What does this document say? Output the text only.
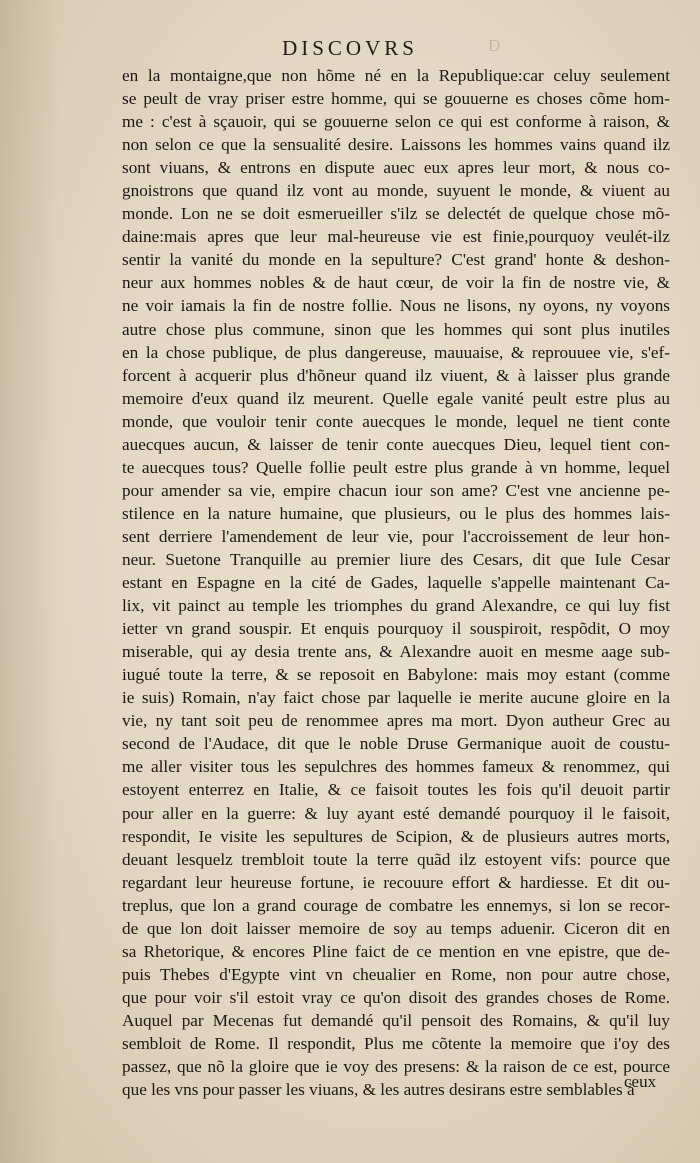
D
DISCOVRS
en la montaigne,que non hõme né en la Republique:car celuy seulement
se peult de vray priser estre homme, qui se gouuerne es choses cõme hom-
me : c'est à sçauoir, qui se gouuerne selon ce qui est conforme à raison, &
non selon ce que la sensualité desire. Laissons les hommes vains quand ilz
sont viuans, & entrons en dispute auec eux apres leur mort, & nous co-
gnoistrons que quand ilz vont au monde, suyuent le monde, & viuent au
monde. Lon ne se doit esmerueiller s'ilz se delectét de quelque chose mõ-
daine:mais apres que leur mal-heureuse vie est finie,pourquoy veulét-ilz
sentir la vanité du monde en la sepulture? C'est grand' honte & deshon-
neur aux hommes nobles & de haut cœur, de voir la fin de nostre vie, &
ne voir iamais la fin de nostre follie. Nous ne lisons, ny oyons, ny voyons
autre chose plus commune, sinon que les hommes qui sont plus inutiles
en la chose publique, de plus dangereuse, mauuaise, & reprouuee vie, s'ef-
forcent à acquerir plus d'hõneur quand ilz viuent, & à laisser plus grande
memoire d'eux quand ilz meurent. Quelle egale vanité peult estre plus au
monde, que vouloir tenir conte auecques le monde, lequel ne tient conte
auecques aucun, & laisser de tenir conte auecques Dieu, lequel tient con-
te auecques tous? Quelle follie peult estre plus grande à vn homme, lequel
pour amender sa vie, empire chacun iour son ame? C'est vne ancienne pe-
stilence en la nature humaine, que plusieurs, ou le plus des hommes lais-
sent derriere l'amendement de leur vie, pour l'accroissement de leur hon-
neur. Suetone Tranquille au premier liure des Cesars, dit que Iule Cesar
estant en Espagne en la cité de Gades, laquelle s'appelle maintenant Ca-
lix, vit painct au temple les triomphes du grand Alexandre, ce qui luy fist
ietter vn grand souspir. Et enquis pourquoy il souspiroit, respõdit, O moy
miserable, qui ay desia trente ans, & Alexandre auoit en mesme aage sub-
iugué toute la terre, & se reposoit en Babylone: mais moy estant (comme
ie suis) Romain, n'ay faict chose par laquelle ie merite aucune gloire en la
vie, ny tant soit peu de renommee apres ma mort. Dyon autheur Grec au
second de l'Audace, dit que le noble Druse Germanique auoit de coustu-
me aller visiter tous les sepulchres des hommes fameux & renommez, qui
estoyent enterrez en Italie, & ce faisoit toutes les fois qu'il deuoit partir
pour aller en la guerre: & luy ayant esté demandé pourquoy il le faisoit,
respondit, Ie visite les sepultures de Scipion, & de plusieurs autres morts,
deuant lesquelz trembloit toute la terre quãd ilz estoyent vifs: pource que
regardant leur heureuse fortune, ie recouure effort & hardiesse. Et dit ou-
treplus, que lon a grand courage de combatre les ennemys, si lon se recor-
de que lon doit laisser memoire de soy au temps aduenir. Ciceron dit en
sa Rhetorique, & encores Pline faict de ce mention en vne epistre, que de-
puis Thebes d'Egypte vint vn cheualier en Rome, non pour autre chose,
que pour voir s'il estoit vray ce qu'on disoit des grandes choses de Rome.
Auquel par Mecenas fut demandé qu'il pensoit des Romains, & qu'il luy
sembloit de Rome. Il respondit, Plus me cõtente la memoire que i'oy des
passez, que nõ la gloire que ie voy des presens: & la raison de ce est, pource
que les vns pour passer les viuans, & les autres desirans estre semblables à
ceux
